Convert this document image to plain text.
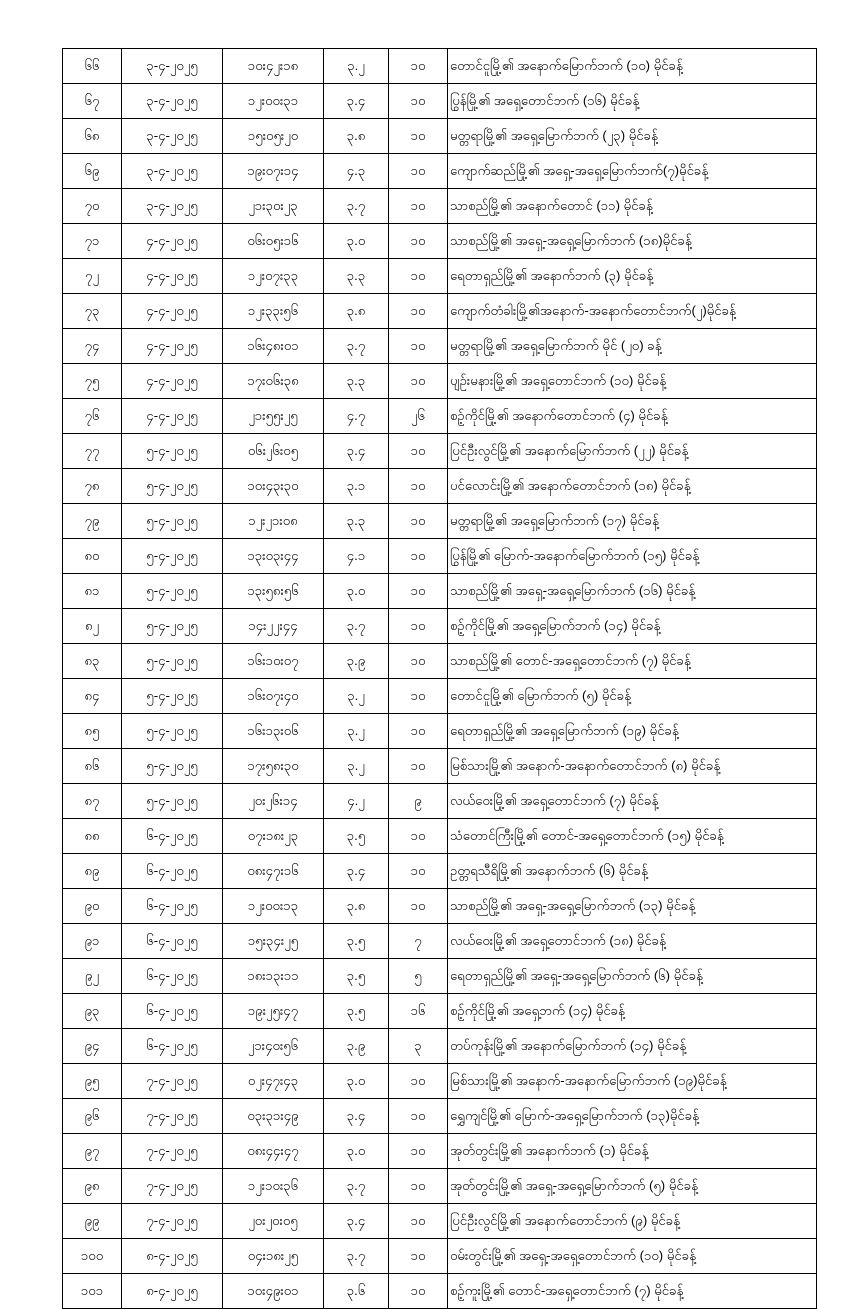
၆၆	၃-၄-၂၀၂၅	၁၀း၄၂း၁၈	၃.၂	၁၀	တောင်ငူမြို့၏ အနောက်မြောက်ဘက် (၁၀) မိုင်ခန့်
၆၇	၃-၄-၂၀၂၅	၁၂း၀၀း၃၁	၃.၄	၁၀	ပြွန်မြို့၏ အရှေ့တောင်ဘက် (၁၆) မိုင်ခန့်
၆၈	၃-၄-၂၀၂၅	၁၅း၀၅း၂၀	၃.၈	၁၀	မတ္တရာမြို့၏ အရှေ့မြောက်ဘက် (၂၃) မိုင်ခန့်
၆၉	၃-၄-၂၀၂၅	၁၉း၀၇း၁၄	၄.၃	၁၀	ကျောက်ဆည်မြို့၏ အရှေ့-အရှေ့မြောက်ဘက်(၇)မိုင်ခန့်
၇၀	၃-၄-၂၀၂၅	၂၁း၃၀း၂၃	၃.၇	၁၀	သာစည်မြို့၏ အနောက်တောင် (၁၁) မိုင်ခန့်
၇၁	၄-၄-၂၀၂၅	၀၆း၀၅း၁၆	၃.၀	၁၀	သာစည်မြို့၏ အရှေ့-အရှေ့မြောက်ဘက် (၁၈)မိုင်ခန့်
၇၂	၄-၄-၂၀၂၅	၁၂း၀၇း၃၃	၃.၃	၁၀	ရေတာရှည်မြို့၏ အနောက်ဘက် (၃) မိုင်ခန့်
၇၃	၄-၄-၂၀၂၅	၁၂း၃၃း၅၆	၃.၈	၁၀	ကျောက်တံခါးမြို့၏အနောက်-အနောက်တောင်ဘက်(၂)မိုင်ခန့်
၇၄	၄-၄-၂၀၂၅	၁၆း၄၈း၀၁	၃.၇	၁၀	မတ္တရာမြို့၏ အရှေ့မြောက်ဘက် မိုင် (၂၀) ခန့်
၇၅	၄-၄-၂၀၂၅	၁၇း၀၆း၃၈	၃.၃	၁၀	ပျဉ်းမနားမြို့၏ အရှေ့တောင်ဘက် (၁၀) မိုင်ခန့်
၇၆	၄-၄-၂၀၂၅	၂၁း၅၅း၂၅	၄.၇	၂၆	စဉ့်ကိုင်မြို့၏ အနောက်တောင်ဘက် (၄) မိုင်ခန့်
၇၇	၅-၄-၂၀၂၅	၀၆း၂၆း၀၅	၃.၄	၁၀	ပြင်ဦးလွင်မြို့၏ အနောက်မြောက်ဘက် (၂၂) မိုင်ခန့်
၇၈	၅-၄-၂၀၂၅	၁၀း၄၃း၃၀	၃.၁	၁၀	ပင်လောင်းမြို့၏ အနောက်တောင်ဘက် (၁၈) မိုင်ခန့်
၇၉	၅-၄-၂၀၂၅	၁၂း၂၁း၀၈	၃.၃	၁၀	မတ္တရာမြို့၏ အရှေ့မြောက်ဘက် (၁၇) မိုင်ခန့်
၈၀	၅-၄-၂၀၂၅	၁၃း၀၃း၄၄	၄.၁	၁၀	ပြွန်မြို့၏ မြောက်-အနောက်မြောက်ဘက် (၁၅) မိုင်ခန့်
၈၁	၅-၄-၂၀၂၅	၁၃း၅၈း၅၆	၃.၀	၁၀	သာစည်မြို့၏ အရှေ့-အရှေ့မြောက်ဘက် (၁၆) မိုင်ခန့်
၈၂	၅-၄-၂၀၂၅	၁၄း၂၂း၄၄	၃.၇	၁၀	စဉ့်ကိုင်မြို့၏ အရှေ့မြောက်ဘက် (၁၄) မိုင်ခန့်
၈၃	၅-၄-၂၀၂၅	၁၆း၁၀း၀၇	၃.၉	၁၀	သာစည်မြို့၏ တောင်-အရှေ့တောင်ဘက် (၇) မိုင်ခန့်
၈၄	၅-၄-၂၀၂၅	၁၆း၀၇း၄၀	၃.၂	၁၀	တောင်ငူမြို့၏ မြောက်ဘက် (၅) မိုင်ခန့်
၈၅	၅-၄-၂၀၂၅	၁၆း၁၃း၀၆	၃.၂	၁၀	ရေတာရှည်မြို့၏ အရှေ့မြောက်ဘက် (၁၉) မိုင်ခန့်
၈၆	၅-၄-၂၀၂၅	၁၇း၅၈း၃၀	၃.၂	၁၀	မြစ်သားမြို့၏ အနောက်-အနောက်တောင်ဘက် (၈) မိုင်ခန့်
၈၇	၅-၄-၂၀၂၅	၂၀း၂၆း၁၄	၄.၂	၉	လယ်ဝေးမြို့၏ အရှေ့တောင်ဘက် (၇) မိုင်ခန့်
၈၈	၆-၄-၂၀၂၅	၀၇း၁၈း၂၃	၃.၅	၁၀	သံတောင်ကြီးမြို့၏ တောင်-အရှေ့တောင်ဘက် (၁၅) မိုင်ခန့်
၈၉	၆-၄-၂၀၂၅	၀၈း၄၇း၁၆	၃.၄	၁၀	ဥတ္တရသီရိမြို့၏ အနောက်ဘက် (၆) မိုင်ခန့်
၉၀	၆-၄-၂၀၂၅	၁၂း၀၀း၁၃	၃.၈	၁၀	သာစည်မြို့၏ အရှေ့-အရှေ့မြောက်ဘက် (၁၃) မိုင်ခန့်
၉၁	၆-၄-၂၀၂၅	၁၅း၃၄း၂၅	၃.၅	၇	လယ်ဝေးမြို့၏ အရှေ့တောင်ဘက် (၁၈) မိုင်ခန့်
၉၂	၆-၄-၂၀၂၅	၁၈း၁၃း၁၁	၃.၅	၅	ရေတာရှည်မြို့၏ အရှေ့-အရှေ့မြောက်ဘက် (၆) မိုင်ခန့်
၉၃	၆-၄-၂၀၂၅	၁၉း၂၅း၄၇	၃.၅	၁၆	စဉ့်ကိုင်မြို့၏ အရှေ့ဘက် (၁၄) မိုင်ခန့်
၉၄	၆-၄-၂၀၂၅	၂၁း၄၀း၅၆	၃.၉	၃	တပ်ကုန်းမြို့၏ အနောက်မြောက်ဘက် (၁၄) မိုင်ခန့်
၉၅	၇-၄-၂၀၂၅	၀၂း၄၇း၄၃	၃.၀	၁၀	မြစ်သားမြို့၏ အနောက်-အနောက်မြောက်ဘက် (၁၉)မိုင်ခန့်
၉၆	၇-၄-၂၀၂၅	၀၃း၃၁း၄၉	၃.၄	၁၀	ရွှေကျင်မြို့၏ မြောက်-အရှေ့မြောက်ဘက် (၁၃)မိုင်ခန့်
၉၇	၇-၄-၂၀၂၅	၀၈း၄၄း၄၇	၃.၀	၁၀	အုတ်တွင်းမြို့၏ အနောက်ဘက် (၁) မိုင်ခန့်
၉၈	၇-၄-၂၀၂၅	၁၂း၁၀း၃၆	၃.၇	၁၀	အုတ်တွင်းမြို့၏ အရှေ့-အရှေ့မြောက်ဘက် (၅) မိုင်ခန့်
၉၉	၇-၄-၂၀၂၅	၂၀း၂၀း၀၅	၃.၄	၁၀	ပြင်ဦးလွင်မြို့၏ အနောက်တောင်ဘက် (၉) မိုင်ခန့်
၁၀၀	၈-၄-၂၀၂၅	၀၄း၁၈း၂၅	၃.၇	၁၀	ဝမ်းတွင်းမြို့၏ အရှေ့-အရှေ့တောင်ဘက် (၁၀) မိုင်ခန့်
၁၀၁	၈-၄-၂၀၂၅	၁၀း၄၉း၀၁	၃.၆	၁၀	စဉ့်ကူးမြို့၏ တောင်-အရှေ့တောင်ဘက် (၇) မိုင်ခန့်
